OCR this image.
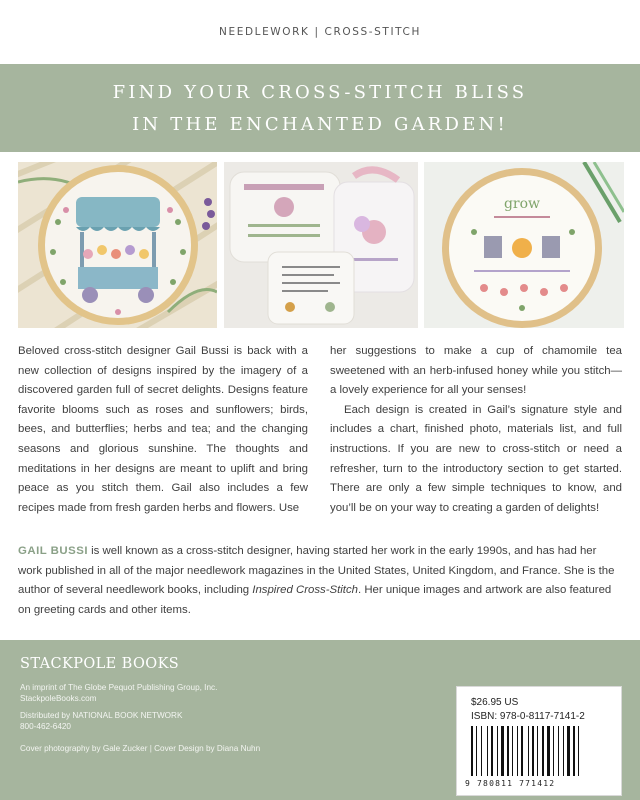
NEEDLEWORK | CROSS-STITCH
FIND YOUR CROSS-STITCH BLISS
IN THE ENCHANTED GARDEN!
grow

Beloved cross-stitch designer Gail Bussi is back with a new collection of designs inspired by the imagery of a discovered garden full of secret delights. Designs feature favorite blooms such as roses and sunflowers; birds, bees, and butterflies; herbs and tea; and the changing seasons and glorious sunshine. The thoughts and meditations in her designs are meant to uplift and bring peace as you stitch them. Gail also includes a few recipes made from fresh garden herbs and flowers. Use

her suggestions to make a cup of chamomile tea sweetened with an herb-infused honey while you stitch—a lovely experience for all your senses!

Each design is created in Gail’s signature style and includes a chart, finished photo, materials list, and full instructions. If you are new to cross-stitch or need a refresher, turn to the introductory section to get started. There are only a few simple techniques to know, and you’ll be on your way to creating a garden of delights!

GAIL BUSSI is well known as a cross-stitch designer, having started her work in the early 1990s, and has had her work published in all of the major needlework magazines in the United States, United Kingdom, and France. She is the author of several needlework books, including Inspired Cross-Stitch. Her unique images and artwork are also featured on greeting cards and other items.
STACKPOLE BOOKS
An imprint of The Globe Pequot Publishing Group, Inc.
StackpoleBooks.com
Distributed by NATIONAL BOOK NETWORK
800-462-6420
Cover photography by Gale Zucker | Cover Design by Diana Nuhn
$26.95 US
ISBN: 978-0-8117-7141-2
9 780811 771412
